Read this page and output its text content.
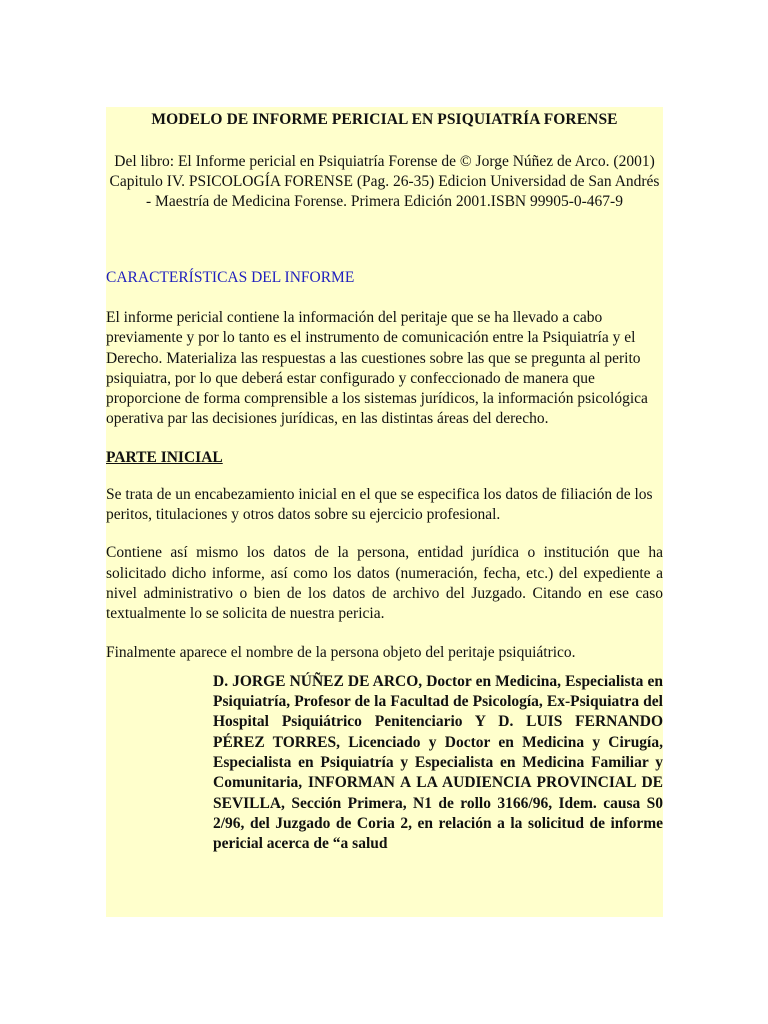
MODELO DE INFORME PERICIAL EN PSIQUIATRÍA FORENSE

Del libro: El Informe pericial en Psiquiatría Forense de © Jorge Núñez de Arco. (2001) Capitulo IV. PSICOLOGÍA FORENSE (Pag. 26-35) Edicion Universidad de San Andrés - Maestría de Medicina Forense. Primera Edición 2001.ISBN 99905-0-467-9

CARACTERÍSTICAS DEL INFORME

El informe pericial contiene la información del peritaje que se ha llevado a cabo previamente y por lo tanto es el instrumento de comunicación entre la Psiquiatría y el Derecho. Materializa las respuestas a las cuestiones sobre las que se pregunta al perito psiquiatra, por lo que deberá estar configurado y confeccionado de manera que proporcione de forma comprensible a los sistemas jurídicos, la información psicológica operativa par las decisiones jurídicas, en las distintas áreas del derecho.

PARTE INICIAL

Se trata de un encabezamiento inicial en el que se especifica los datos de filiación de los peritos, titulaciones y otros datos sobre su ejercicio profesional.

Contiene así mismo los datos de la persona, entidad jurídica o institución que ha solicitado dicho informe, así como los datos (numeración, fecha, etc.) del expediente a nivel administrativo o bien de los datos de archivo del Juzgado. Citando en ese caso textualmente lo se solicita de nuestra pericia.

Finalmente aparece el nombre de la persona objeto del peritaje psiquiátrico.

D. JORGE NÚÑEZ DE ARCO, Doctor en Medicina, Especialista en Psiquiatría, Profesor de la Facultad de Psicología, Ex-Psiquiatra del Hospital Psiquiátrico Penitenciario Y D. LUIS FERNANDO PÉREZ TORRES, Licenciado y Doctor en Medicina y Cirugía, Especialista en Psiquiatría y Especialista en Medicina Familiar y Comunitaria, INFORMAN A LA AUDIENCIA PROVINCIAL DE SEVILLA, Sección Primera, N1 de rollo 3166/96, Idem. causa S0 2/96, del Juzgado de Coria 2, en relación a la solicitud de informe pericial acerca de “a salud
